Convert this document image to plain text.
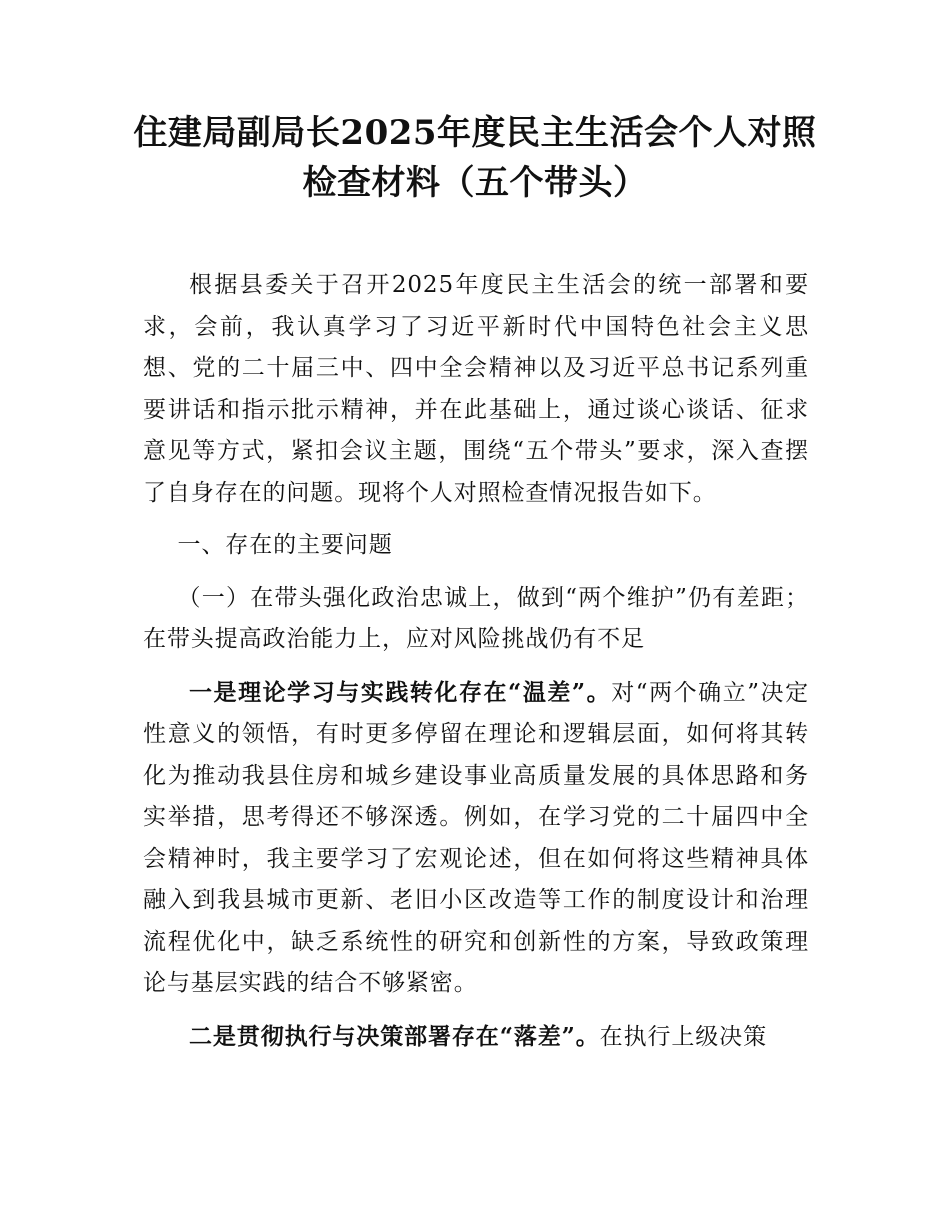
住建局副局长2025年度民主生活会个人对照
检查材料（五个带头）

根据县委关于召开2025年度民主生活会的统一部署和要求，会前，我认真学习了习近平新时代中国特色社会主义思想、党的二十届三中、四中全会精神以及习近平总书记系列重要讲话和指示批示精神，并在此基础上，通过谈心谈话、征求意见等方式，紧扣会议主题，围绕“五个带头”要求，深入查摆了自身存在的问题。现将个人对照检查情况报告如下。

一、存在的主要问题

（一）在带头强化政治忠诚上，做到“两个维护”仍有差距；在带头提高政治能力上，应对风险挑战仍有不足

一是理论学习与实践转化存在“温差”。对“两个确立”决定性意义的领悟，有时更多停留在理论和逻辑层面，如何将其转化为推动我县住房和城乡建设事业高质量发展的具体思路和务实举措，思考得还不够深透。例如，在学习党的二十届四中全会精神时，我主要学习了宏观论述，但在如何将这些精神具体融入到我县城市更新、老旧小区改造等工作的制度设计和治理流程优化中，缺乏系统性的研究和创新性的方案，导致政策理论与基层实践的结合不够紧密。

二是贯彻执行与决策部署存在“落差”。在执行上级决策
